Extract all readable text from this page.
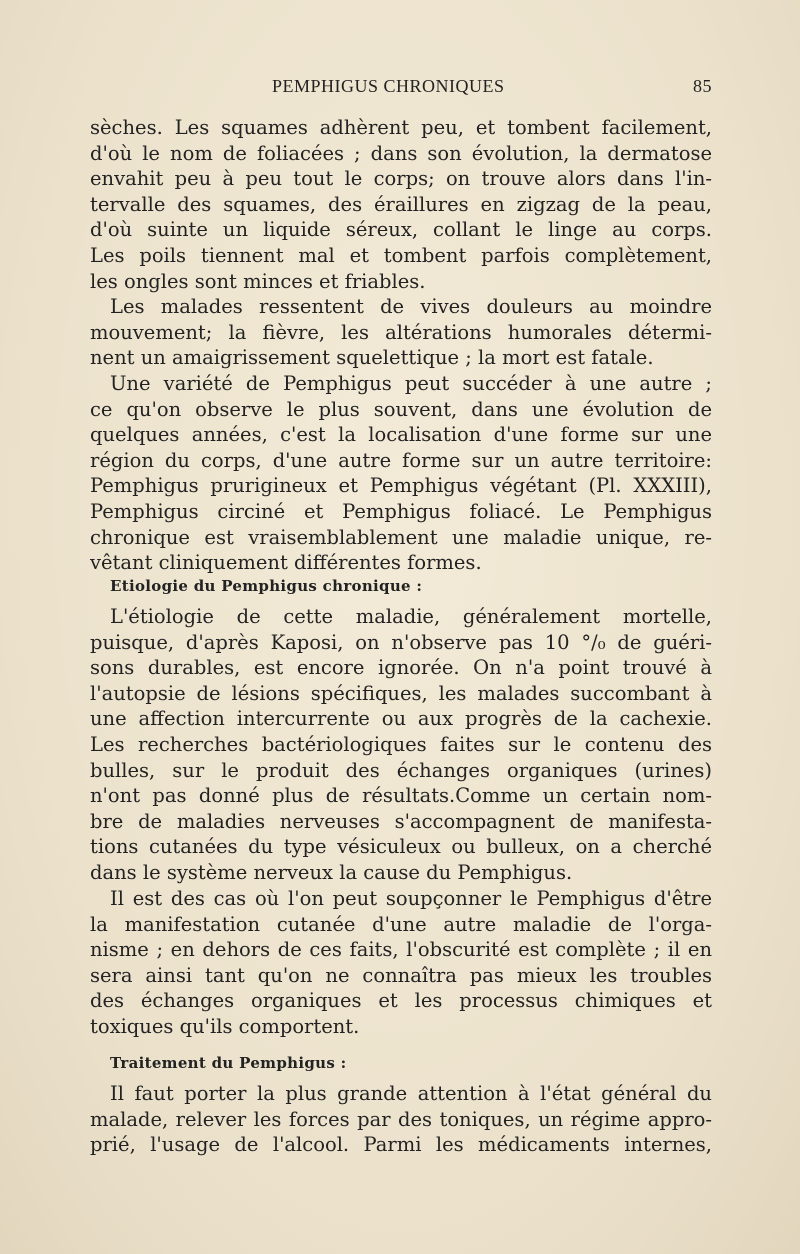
PEMPHIGUS CHRONIQUES	85
sèches. Les squames adhèrent peu, et tombent facilement,
d'où le nom de foliacées ; dans son évolution, la dermatose
envahit peu à peu tout le corps; on trouve alors dans l'in-
tervalle des squames, des éraillures en zigzag de la peau,
d'où suinte un liquide séreux, collant le linge au corps.
Les poils tiennent mal et tombent parfois complètement,
les ongles sont minces et friables.
Les malades ressentent de vives douleurs au moindre
mouvement; la fièvre, les altérations humorales détermi-
nent un amaigrissement squelettique ; la mort est fatale.
Une variété de Pemphigus peut succéder à une autre ;
ce qu'on observe le plus souvent, dans une évolution de
quelques années, c'est la localisation d'une forme sur une
région du corps, d'une autre forme sur un autre territoire:
Pemphigus prurigineux et Pemphigus végétant (Pl. XXXIII),
Pemphigus circiné et Pemphigus foliacé. Le Pemphigus
chronique est vraisemblablement une maladie unique, re-
vêtant cliniquement différentes formes.
Etiologie du Pemphigus chronique :
L'étiologie de cette maladie, généralement mortelle,
puisque, d'après Kaposi, on n'observe pas 10 °/₀ de guéri-
sons durables, est encore ignorée. On n'a point trouvé à
l'autopsie de lésions spécifiques, les malades succombant à
une affection intercurrente ou aux progrès de la cachexie.
Les recherches bactériologiques faites sur le contenu des
bulles, sur le produit des échanges organiques (urines)
n'ont pas donné plus de résultats.Comme un certain nom-
bre de maladies nerveuses s'accompagnent de manifesta-
tions cutanées du type vésiculeux ou bulleux, on a cherché
dans le système nerveux la cause du Pemphigus.
Il est des cas où l'on peut soupçonner le Pemphigus d'être
la manifestation cutanée d'une autre maladie de l'orga-
nisme ; en dehors de ces faits, l'obscurité est complète ; il en
sera ainsi tant qu'on ne connaîtra pas mieux les troubles
des échanges organiques et les processus chimiques et
toxiques qu'ils comportent.
Traitement du Pemphigus :
Il faut porter la plus grande attention à l'état général du
malade, relever les forces par des toniques, un régime appro-
prié, l'usage de l'alcool. Parmi les médicaments internes,
